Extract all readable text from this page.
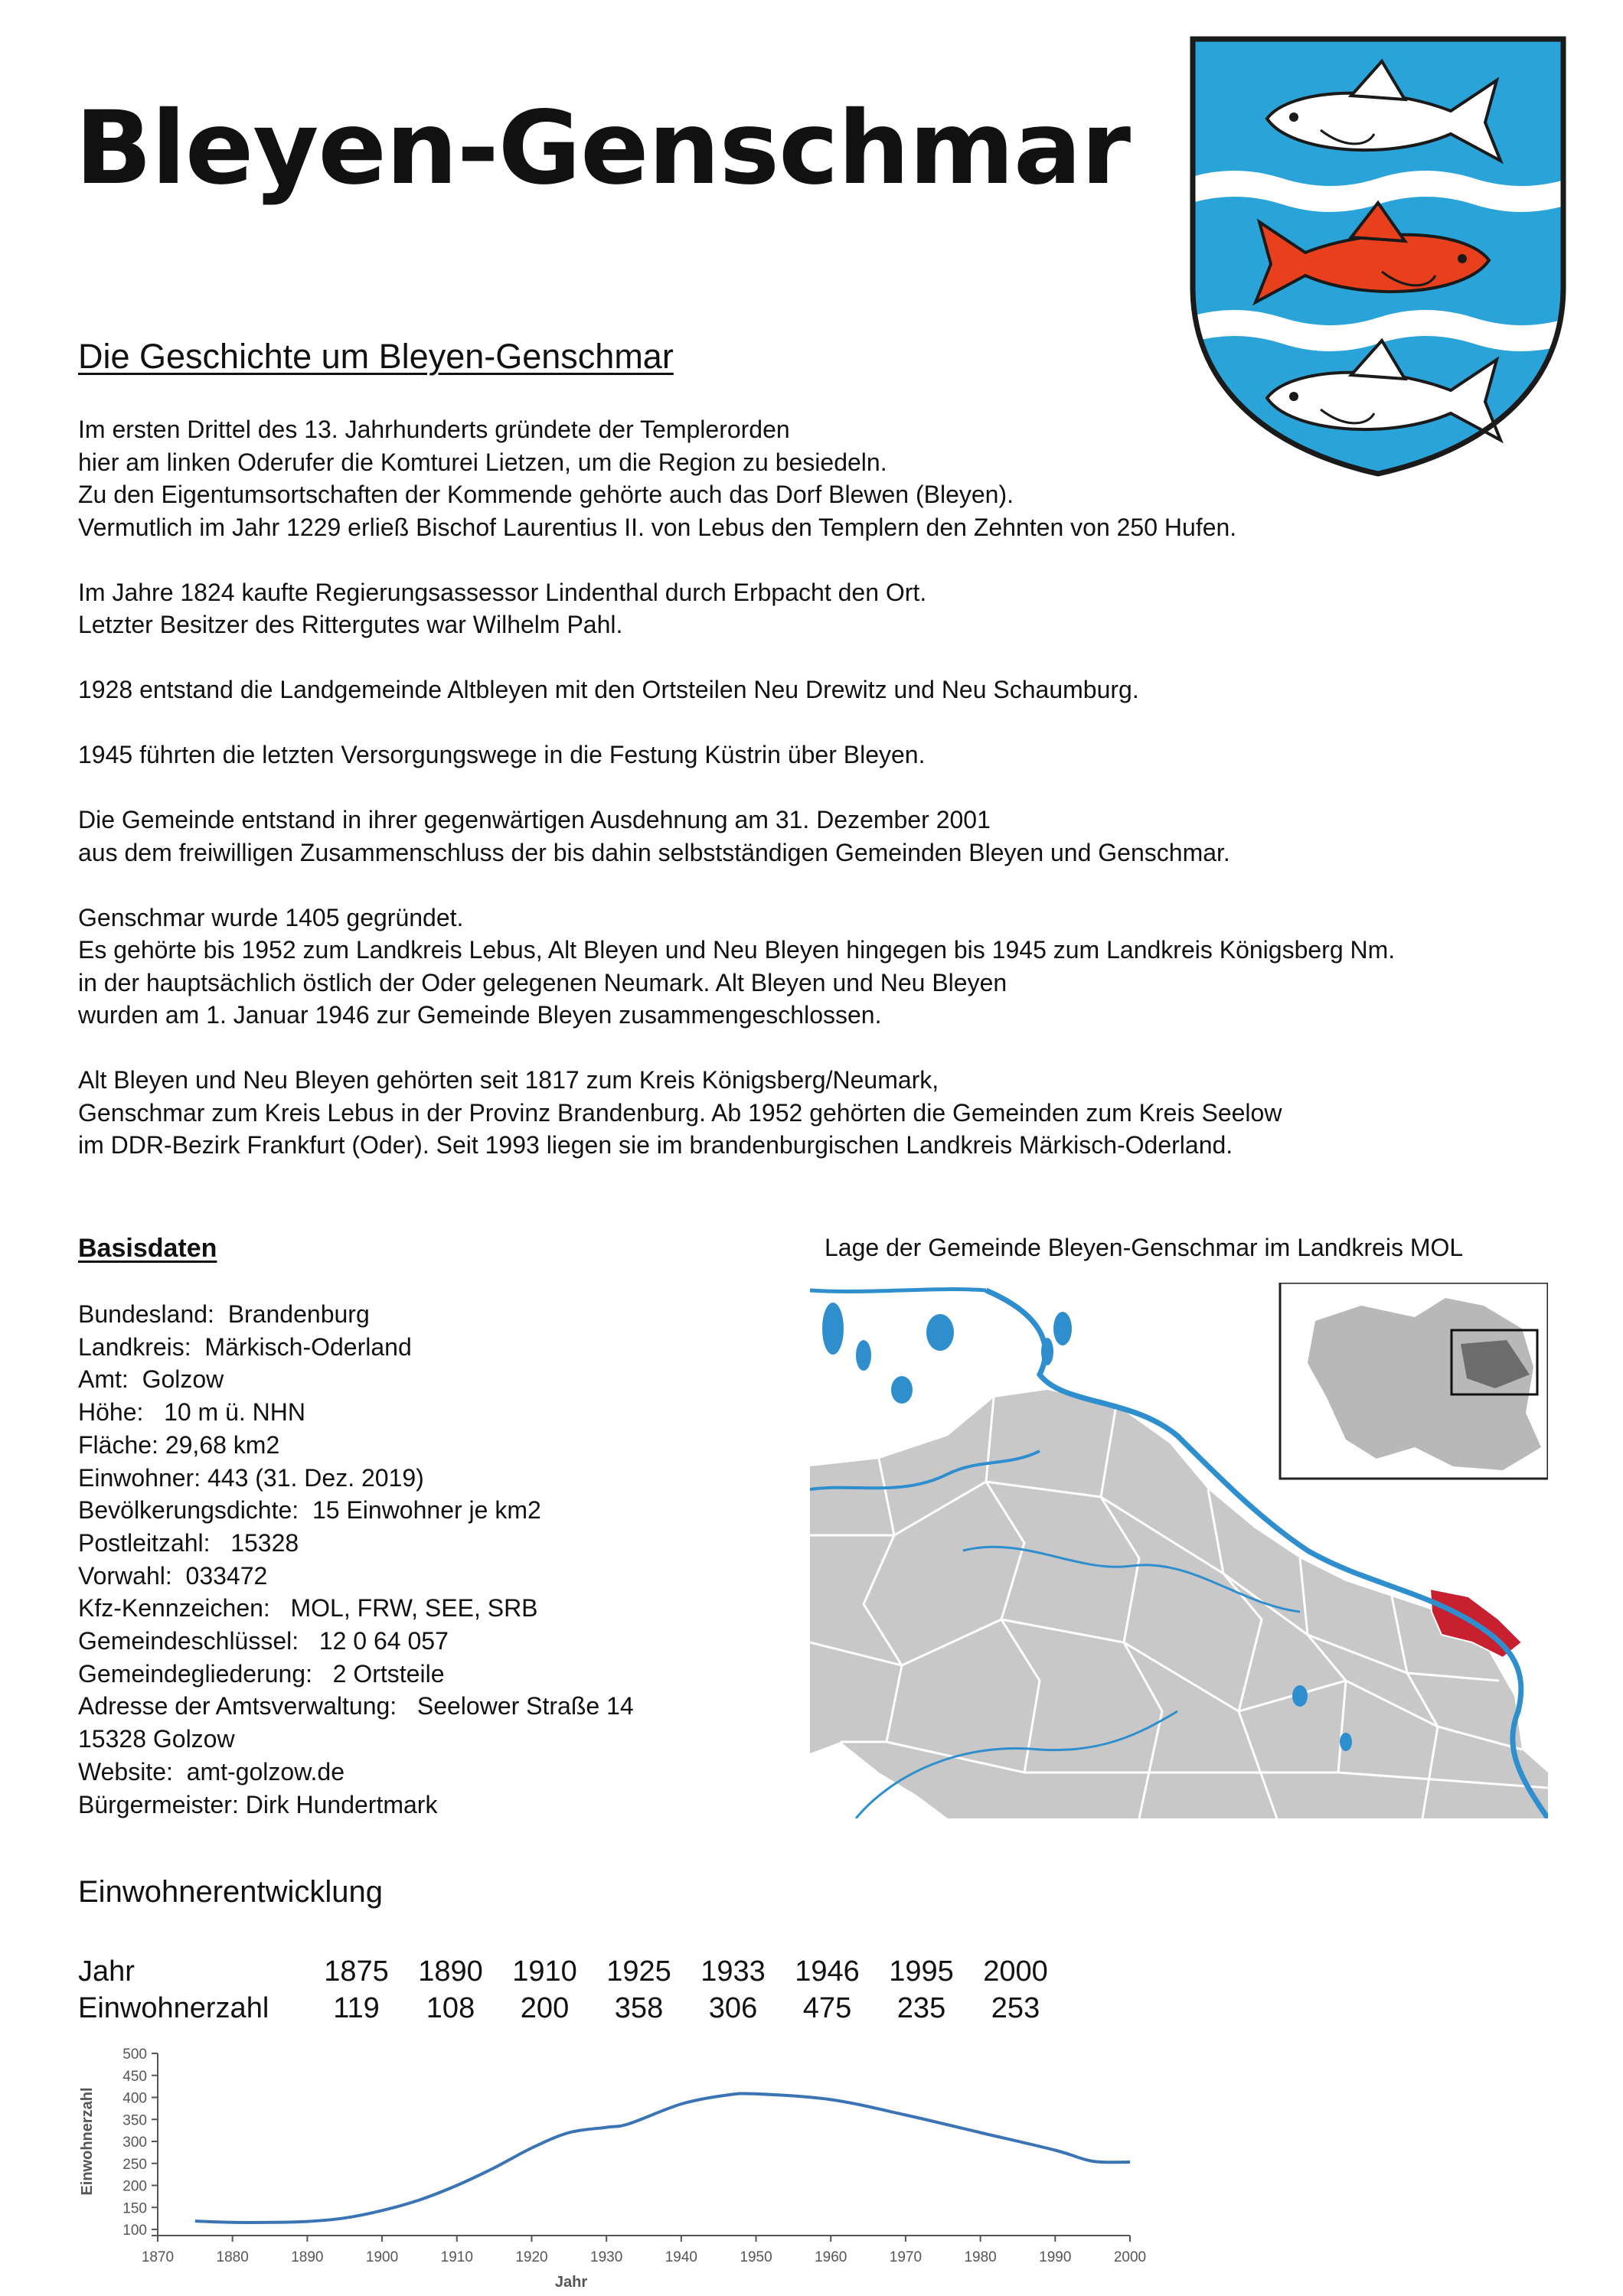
Bleyen-Genschmar
Die Geschichte um Bleyen-Genschmar

Im ersten Drittel des 13. Jahrhunderts gründete der Templerorden
hier am linken Oderufer die Komturei Lietzen, um die Region zu besiedeln.
Zu den Eigentumsortschaften der Kommende gehörte auch das Dorf Blewen (Bleyen).
Vermutlich im Jahr 1229 erließ Bischof Laurentius II. von Lebus den Templern den Zehnten von 250 Hufen.

Im Jahre 1824 kaufte Regierungsassessor Lindenthal durch Erbpacht den Ort.
Letzter Besitzer des Rittergutes war Wilhelm Pahl.

1928 entstand die Landgemeinde Altbleyen mit den Ortsteilen Neu Drewitz und Neu Schaumburg.

1945 führten die letzten Versorgungswege in die Festung Küstrin über Bleyen.

Die Gemeinde entstand in ihrer gegenwärtigen Ausdehnung am 31. Dezember 2001
aus dem freiwilligen Zusammenschluss der bis dahin selbstständigen Gemeinden Bleyen und Genschmar.

Genschmar wurde 1405 gegründet.
Es gehörte bis 1952 zum Landkreis Lebus, Alt Bleyen und Neu Bleyen hingegen bis 1945 zum Landkreis Königsberg Nm.
in der hauptsächlich östlich der Oder gelegenen Neumark. Alt Bleyen und Neu Bleyen
wurden am 1. Januar 1946 zur Gemeinde Bleyen zusammengeschlossen.

Alt Bleyen und Neu Bleyen gehörten seit 1817 zum Kreis Königsberg/Neumark,
Genschmar zum Kreis Lebus in der Provinz Brandenburg. Ab 1952 gehörten die Gemeinden zum Kreis Seelow
im DDR-Bezirk Frankfurt (Oder). Seit 1993 liegen sie im brandenburgischen Landkreis Märkisch-Oderland.

Basisdaten
Bundesland:  Brandenburg
Landkreis:  Märkisch-Oderland
Amt:  Golzow
Höhe:   10 m ü. NHN
Fläche: 29,68 km2
Einwohner: 443 (31. Dez. 2019)
Bevölkerungsdichte:  15 Einwohner je km2
Postleitzahl:   15328
Vorwahl:  033472
Kfz-Kennzeichen:   MOL, FRW, SEE, SRB
Gemeindeschlüssel:   12 0 64 057
Gemeindegliederung:   2 Ortsteile
Adresse der Amtsverwaltung:   Seelower Straße 14
15328 Golzow
Website:  amt-golzow.de
Bürgermeister: Dirk Hundertmark
Lage der Gemeinde Bleyen-Genschmar im Landkreis MOL
Einwohnerentwicklung
Jahr	1875	1890	1910	1925	1933	1946	1995	2000
Einwohnerzahl	119	108	200	358	306	475	235	253
100
150
200
250
300
350
400
450
500
1870	1880	1890	1900	1910	1920	1930	1940	1950	1960	1970	1980	1990	2000
Jahr
Einwohnerzahl
